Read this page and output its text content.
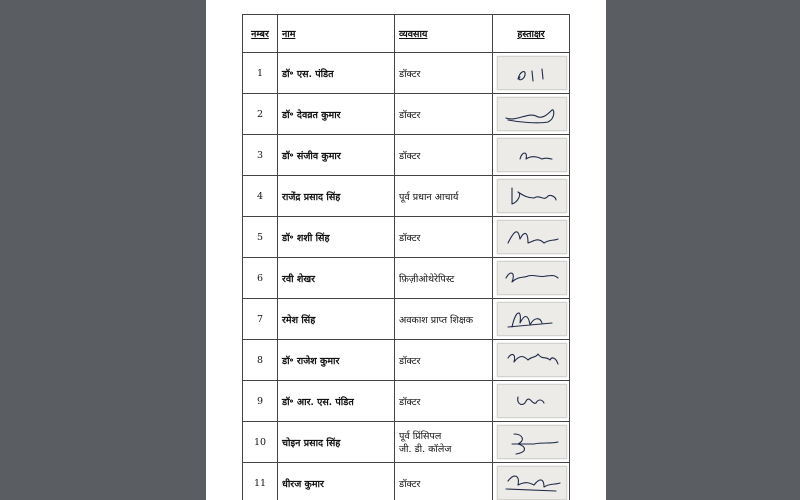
नम्बर	नाम	व्यवसाय	हस्ताक्षर
1	डॉ॰ एस. पंडित	डॉक्टर

2	डॉ॰ देवव्रत कुमार	डॉक्टर

3	डॉ॰ संजीव कुमार	डॉक्टर

4	राजेंद्र प्रसाद सिंह	पूर्व प्रधान आचार्य

5	डॉ॰ शशी सिंह	डॉक्टर

6	रवी शेखर	फ़िज़ीओथेरेपिस्ट

7	रमेश सिंह	अवकाश प्राप्त शिक्षक

8	डॉ॰ राजेश कुमार	डॉक्टर

9	डॉ॰ आर. एस. पंडित	डॉक्टर

10	चोइन प्रसाद सिंह	पूर्व प्रिंसिपल
जी. डी. कॉलेज

11	धीरज कुमार	डॉक्टर
